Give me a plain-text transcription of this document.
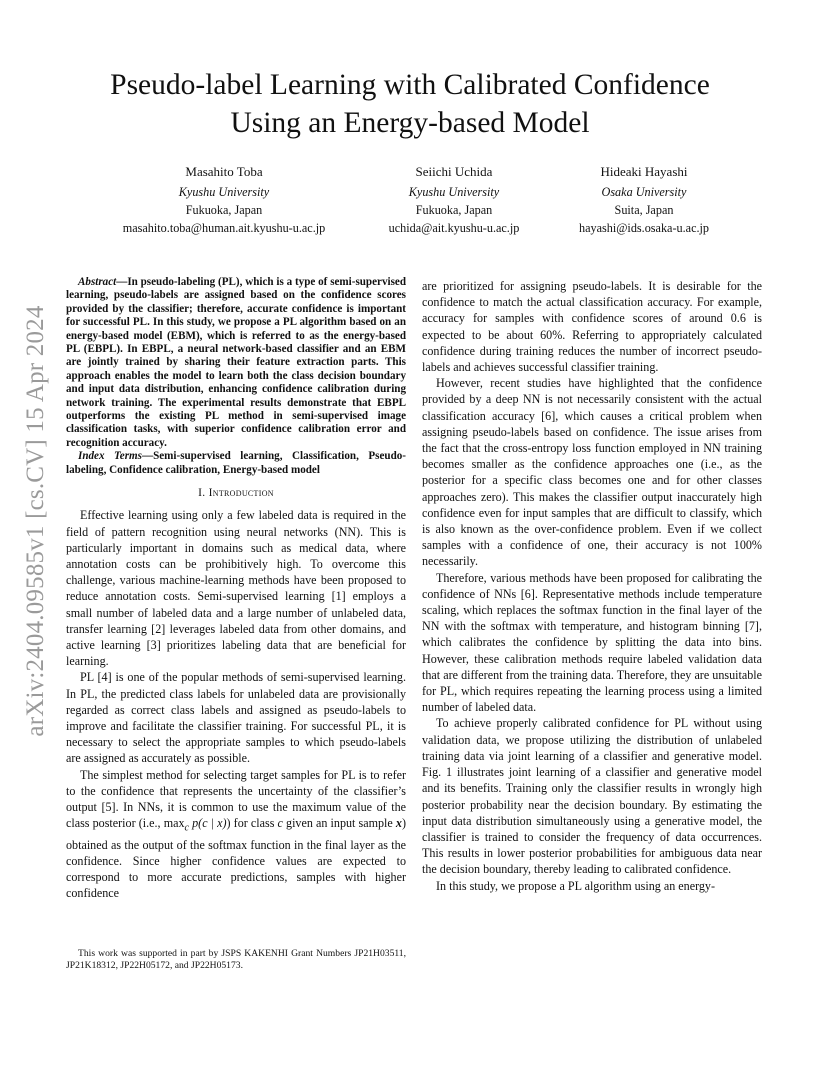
arXiv:2404.09585v1 [cs.CV] 15 Apr 2024
Pseudo-label Learning with Calibrated Confidence
Using an Energy-based Model
Masahito Toba
Kyushu University
Fukuoka, Japan
masahito.toba@human.ait.kyushu-u.ac.jp
Seiichi Uchida
Kyushu University
Fukuoka, Japan
uchida@ait.kyushu-u.ac.jp
Hideaki Hayashi
Osaka University
Suita, Japan
hayashi@ids.osaka-u.ac.jp

Abstract—In pseudo-labeling (PL), which is a type of semi-supervised learning, pseudo-labels are assigned based on the confidence scores provided by the classifier; therefore, accurate confidence is important for successful PL. In this study, we propose a PL algorithm based on an energy-based model (EBM), which is referred to as the energy-based PL (EBPL). In EBPL, a neural network-based classifier and an EBM are jointly trained by sharing their feature extraction parts. This approach enables the model to learn both the class decision boundary and input data distribution, enhancing confidence calibration during network training. The experimental results demonstrate that EBPL outperforms the existing PL method in semi-supervised image classification tasks, with superior confidence calibration error and recognition accuracy.

Index Terms—Semi-supervised learning, Classification, Pseudo-labeling, Confidence calibration, Energy-based model

I. Introduction

Effective learning using only a few labeled data is required in the field of pattern recognition using neural networks (NN). This is particularly important in domains such as medical data, where annotation costs can be prohibitively high. To overcome this challenge, various machine-learning methods have been proposed to reduce annotation costs. Semi-supervised learning [1] employs a small number of labeled data and a large number of unlabeled data, transfer learning [2] leverages labeled data from other domains, and active learning [3] prioritizes labeling data that are beneficial for learning.

PL [4] is one of the popular methods of semi-supervised learning. In PL, the predicted class labels for unlabeled data are provisionally regarded as correct class labels and assigned as pseudo-labels to improve and facilitate the classifier training. For successful PL, it is necessary to select the appropriate samples to which pseudo-labels are assigned as accurately as possible.

The simplest method for selecting target samples for PL is to refer to the confidence that represents the uncertainty of the classifier’s output [5]. In NNs, it is common to use the maximum value of the class posterior (i.e., $\max_c p(c$ | x)) for class c given an input sample x) obtained as the output of the softmax function in the final layer as the confidence. Since higher confidence values are expected to correspond to more accurate predictions, samples with higher confidence

This work was supported in part by JSPS KAKENHI Grant Numbers JP21H03511, JP21K18312, JP22H05172, and JP22H05173.

are prioritized for assigning pseudo-labels. It is desirable for the confidence to match the actual classification accuracy. For example, accuracy for samples with confidence scores of around 0.6 is expected to be about 60%. Referring to appropriately calculated confidence during training reduces the number of incorrect pseudo-labels and achieves successful classifier training.

However, recent studies have highlighted that the confidence provided by a deep NN is not necessarily consistent with the actual classification accuracy [6], which causes a critical problem when assigning pseudo-labels based on confidence. The issue arises from the fact that the cross-entropy loss function employed in NN training becomes smaller as the confidence approaches one (i.e., as the posterior for a specific class becomes one and for other classes approaches zero). This makes the classifier output inaccurately high confidence even for input samples that are difficult to classify, which is also known as the over-confidence problem. Even if we collect samples with a confidence of one, their accuracy is not 100% necessarily.

Therefore, various methods have been proposed for calibrating the confidence of NNs [6]. Representative methods include temperature scaling, which replaces the softmax function in the final layer of the NN with the softmax with temperature, and histogram binning [7], which calibrates the confidence by splitting the data into bins. However, these calibration methods require labeled validation data that are different from the training data. Therefore, they are unsuitable for PL, which requires repeating the learning process using a limited number of labeled data.

To achieve properly calibrated confidence for PL without using validation data, we propose utilizing the distribution of unlabeled training data via joint learning of a classifier and generative model. Fig. 1 illustrates joint learning of a classifier and generative model and its benefits. Training only the classifier results in wrongly high posterior probability near the decision boundary. By estimating the input data distribution simultaneously using a generative model, the classifier is trained to consider the frequency of data occurrences. This results in lower posterior probabilities for ambiguous data near the decision boundary, thereby leading to calibrated confidence.

In this study, we propose a PL algorithm using an energy-
